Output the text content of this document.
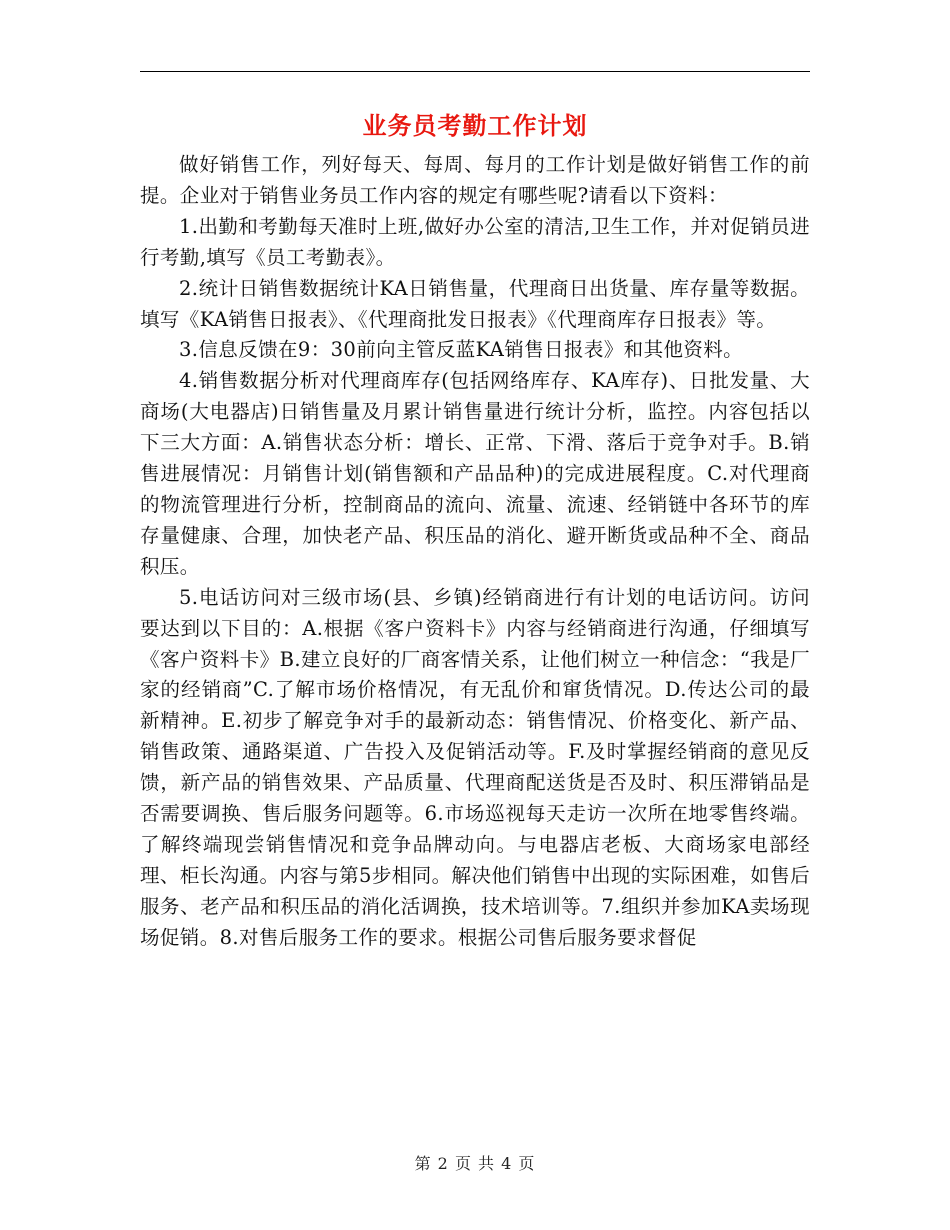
业务员考勤工作计划

做好销售工作，列好每天、每周、每月的工作计划是做好销售工作的前提。企业对于销售业务员工作内容的规定有哪些呢?请看以下资料：

1.出勤和考勤每天准时上班,做好办公室的清洁,卫生工作，并对促销员进行考勤,填写《员工考勤表》。

2.统计日销售数据统计KA日销售量，代理商日出货量、库存量等数据。填写《KA销售日报表》、《代理商批发日报表》《代理商库存日报表》等。

3.信息反馈在9：30前向主管反蓝KA销售日报表》和其他资料。

4.销售数据分析对代理商库存(包括网络库存、KA库存)、日批发量、大商场(大电器店)日销售量及月累计销售量进行统计分析，监控。内容包括以下三大方面：A.销售状态分析：增长、正常、下滑、落后于竞争对手。B.销售进展情况：月销售计划(销售额和产品品种)的完成进展程度。C.对代理商的物流管理进行分析，控制商品的流向、流量、流速、经销链中各环节的库存量健康、合理，加快老产品、积压品的消化、避开断货或品种不全、商品积压。

5.电话访问对三级市场(县、乡镇)经销商进行有计划的电话访问。访问要达到以下目的：A.根据《客户资料卡》内容与经销商进行沟通，仔细填写《客户资料卡》B.建立良好的厂商客情关系，让他们树立一种信念：“我是厂家的经销商”C.了解市场价格情况，有无乱价和窜货情况。D.传达公司的最新精神。E.初步了解竞争对手的最新动态：销售情况、价格变化、新产品、销售政策、通路渠道、广告投入及促销活动等。F.及时掌握经销商的意见反馈，新产品的销售效果、产品质量、代理商配送货是否及时、积压滞销品是否需要调换、售后服务问题等。6.市场巡视每天走访一次所在地零售终端。了解终端现尝销售情况和竞争品牌动向。与电器店老板、大商场家电部经理、柜长沟通。内容与第5步相同。解决他们销售中出现的实际困难，如售后服务、老产品和积压品的消化活调换，技术培训等。7.组织并参加KA卖场现场促销。8.对售后服务工作的要求。根据公司售后服务要求督促

第 2 页 共 4 页
